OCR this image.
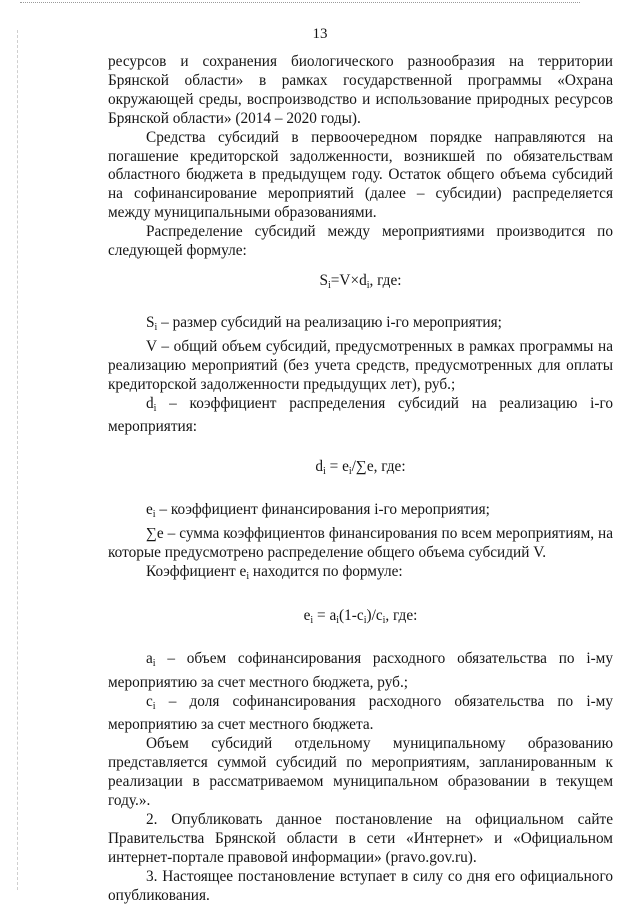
13

ресурсов и сохранения биологического разнообразия на территории Брянской области» в рамках государственной программы «Охрана окружающей среды, воспроизводство и использование природных ресурсов Брянской области» (2014 – 2020 годы).

Средства субсидий в первоочередном порядке направляются на погашение кредиторской задолженности, возникшей по обязательствам областного бюджета в предыдущем году. Остаток общего объема субсидий на софинансирование мероприятий (далее – субсидии) распределяется между муниципальными образованиями.

Распределение субсидий между мероприятиями производится по следующей формуле:

$S_i=V\times d_i$, где:

$S_i$ – размер субсидий на реализацию i-го мероприятия;

V – общий объем субсидий, предусмотренных в рамках программы на реализацию мероприятий (без учета средств, предусмотренных для оплаты кредиторской задолженности предыдущих лет), руб.;

$d_i$ – коэффициент распределения субсидий на реализацию i-го мероприятия:

$d_i = e_i/\sum e$, где:

$e_i$ – коэффициент финансирования i-го мероприятия;

∑e – сумма коэффициентов финансирования по всем мероприятиям, на которые предусмотрено распределение общего объема субсидий V.

Коэффициент $e_i$ находится по формуле:

$e_i = a_i(1-c_i)/c_i$, где:

$a_i$ – объем софинансирования расходного обязательства по i-му мероприятию за счет местного бюджета, руб.;

$c_i$ – доля софинансирования расходного обязательства по i-му мероприятию за счет местного бюджета.

Объем субсидий отдельному муниципальному образованию представляется суммой субсидий по мероприятиям, запланированным к реализации в рассматриваемом муниципальном образовании в текущем году.».

2. Опубликовать данное постановление на официальном сайте Правительства Брянской области в сети «Интернет» и «Официальном интернет-портале правовой информации» (pravo.gov.ru).

3. Настоящее постановление вступает в силу со дня его официального опубликования.
